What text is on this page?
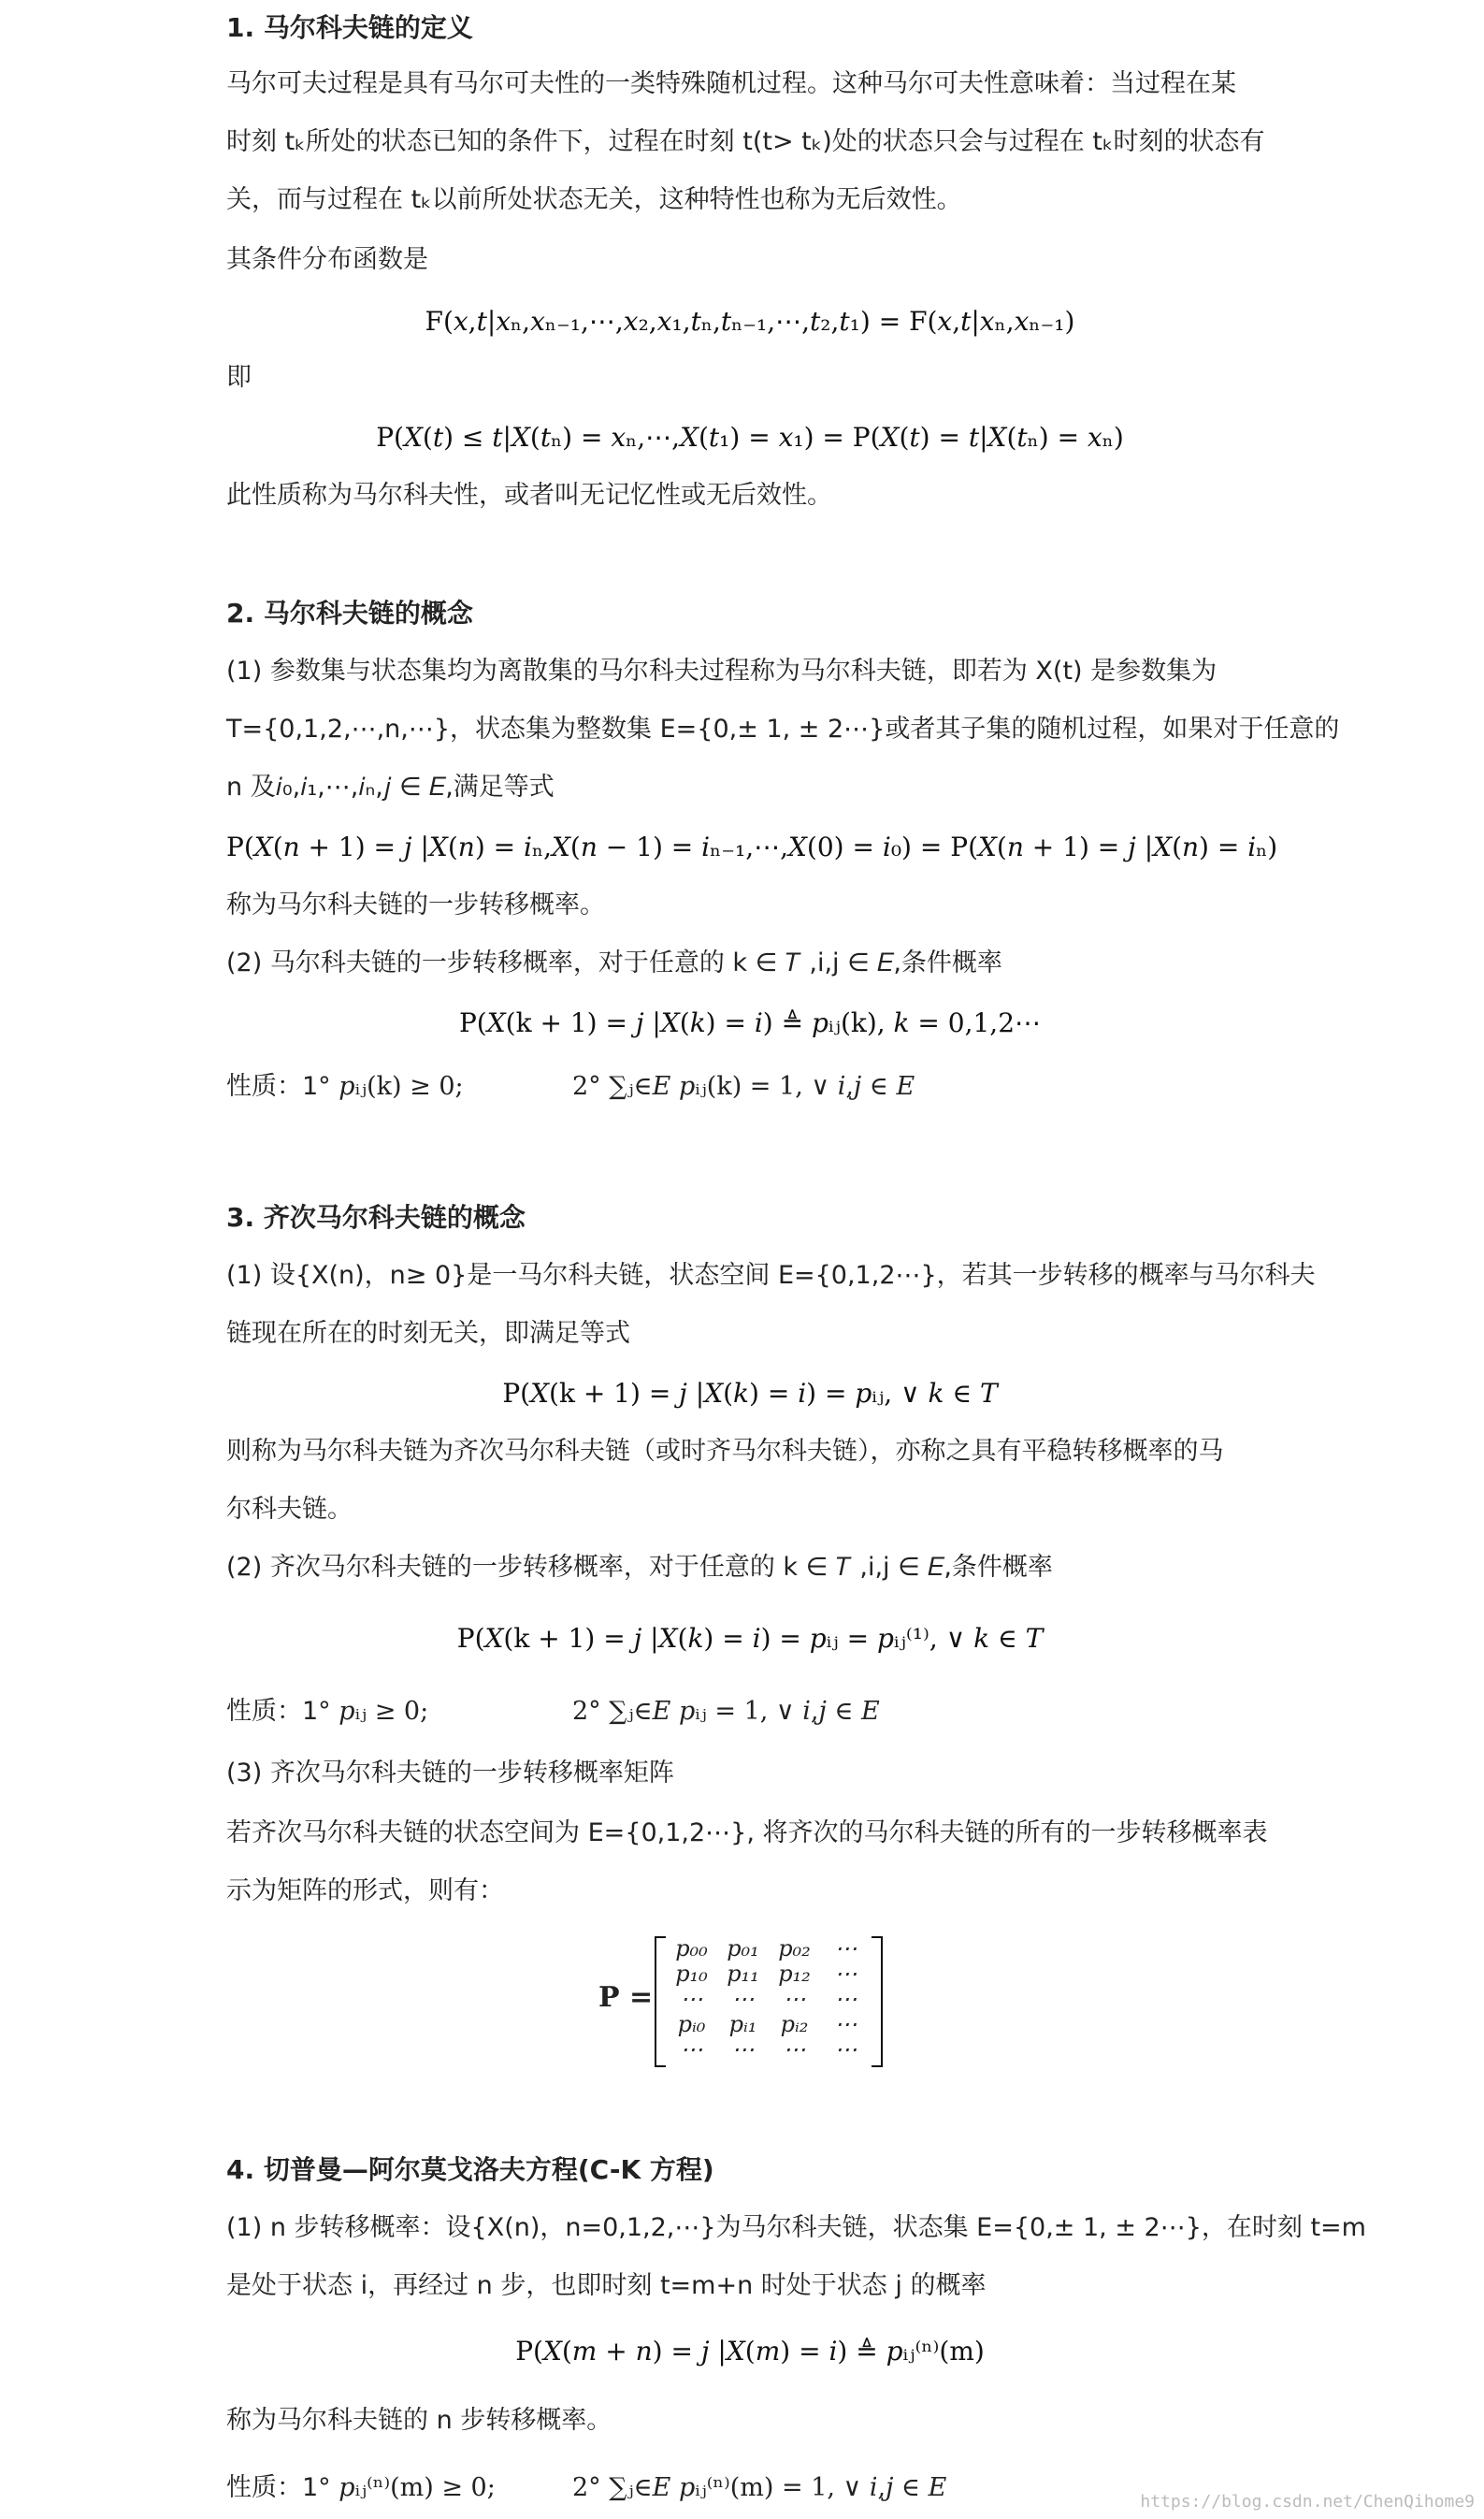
1. 马尔科夫链的定义
马尔可夫过程是具有马尔可夫性的一类特殊随机过程。这种马尔可夫性意味着：当过程在某
时刻 tₖ所处的状态已知的条件下，过程在时刻 t(t> tₖ)处的状态只会与过程在 tₖ时刻的状态有
关，而与过程在 tₖ以前所处状态无关，这种特性也称为无后效性。
其条件分布函数是
F(𝑥,𝑡|𝑥ₙ,𝑥ₙ₋₁,⋯,𝑥₂,𝑥₁,𝑡ₙ,𝑡ₙ₋₁,⋯,𝑡₂,𝑡₁) = F(𝑥,𝑡|𝑥ₙ,𝑥ₙ₋₁)
即
P(𝑋(𝑡) ≤ 𝑡|𝑋(𝑡ₙ) = 𝑥ₙ,⋯,𝑋(𝑡₁) = 𝑥₁) = P(𝑋(𝑡) = 𝑡|𝑋(𝑡ₙ) = 𝑥ₙ)
此性质称为马尔科夫性，或者叫无记忆性或无后效性。
2. 马尔科夫链的概念
(1) 参数集与状态集均为离散集的马尔科夫过程称为马尔科夫链，即若为 X(t) 是参数集为
T={0,1,2,⋯,n,⋯}，状态集为整数集 E={0,± 1, ± 2⋯}或者其子集的随机过程，如果对于任意的
n 及𝑖₀,𝑖₁,⋯,𝑖ₙ,𝑗 ∈ 𝐸,满足等式
P(𝑋(𝑛 + 1) = 𝑗 |𝑋(𝑛) = 𝑖ₙ,𝑋(𝑛 − 1) = 𝑖ₙ₋₁,⋯,𝑋(0) = 𝑖₀) = P(𝑋(𝑛 + 1) = 𝑗 |𝑋(𝑛) = 𝑖ₙ)
称为马尔科夫链的一步转移概率。
(2) 马尔科夫链的一步转移概率，对于任意的 k ∈ 𝑇 ,i,j ∈ 𝐸,条件概率
P(𝑋(k + 1) = 𝑗 |𝑋(𝑘) = 𝑖) ≜ 𝑝ᵢⱼ(k), 𝑘 = 0,1,2⋯
性质：1° 𝑝ᵢⱼ(k) ≥ 0;	2° ∑ⱼ∈𝐸 𝑝ᵢⱼ(k) = 1, ∨ 𝑖,𝑗 ∈ 𝐸
3. 齐次马尔科夫链的概念
(1) 设{X(n)，n≥ 0}是一马尔科夫链，状态空间 E={0,1,2⋯}，若其一步转移的概率与马尔科夫
链现在所在的时刻无关，即满足等式
P(𝑋(k + 1) = 𝑗 |𝑋(𝑘) = 𝑖) = 𝑝ᵢⱼ, ∨ 𝑘 ∈ 𝑇
则称为马尔科夫链为齐次马尔科夫链（或时齐马尔科夫链），亦称之具有平稳转移概率的马
尔科夫链。
(2) 齐次马尔科夫链的一步转移概率，对于任意的 k ∈ 𝑇 ,i,j ∈ 𝐸,条件概率
P(𝑋(k + 1) = 𝑗 |𝑋(𝑘) = 𝑖) = 𝑝ᵢⱼ = 𝑝ᵢⱼ⁽¹⁾, ∨ 𝑘 ∈ 𝑇
性质：1° 𝑝ᵢⱼ ≥ 0;	2° ∑ⱼ∈𝐸 𝑝ᵢⱼ = 1, ∨ 𝑖,𝑗 ∈ 𝐸
(3) 齐次马尔科夫链的一步转移概率矩阵
若齐次马尔科夫链的状态空间为 E={0,1,2⋯}, 将齐次的马尔科夫链的所有的一步转移概率表
示为矩阵的形式，则有：
P =
𝑝₀₀ 𝑝₀₁ 𝑝₀₂	⋯
𝑝₁₀ 𝑝₁₁ 𝑝₁₂	⋯
⋯	⋯	⋯	⋯
𝑝ᵢ₀	𝑝ᵢ₁	𝑝ᵢ₂	⋯
⋯	⋯	⋯	⋯
4. 切普曼—阿尔莫戈洛夫方程(C-K 方程)
(1) n 步转移概率：设{X(n)，n=0,1,2,⋯}为马尔科夫链，状态集 E={0,± 1, ± 2⋯}，在时刻 t=m
是处于状态 i，再经过 n 步，也即时刻 t=m+n 时处于状态 j 的概率
P(𝑋(𝑚 + 𝑛) = 𝑗 |𝑋(𝑚) = 𝑖) ≜ 𝑝ᵢⱼ⁽ⁿ⁾(m)
称为马尔科夫链的 n 步转移概率。
性质：1° 𝑝ᵢⱼ⁽ⁿ⁾(m) ≥ 0;	2° ∑ⱼ∈𝐸 𝑝ᵢⱼ⁽ⁿ⁾(m) = 1, ∨ 𝑖,𝑗 ∈ 𝐸	https://blog.csdn.net/ChenQihome9
